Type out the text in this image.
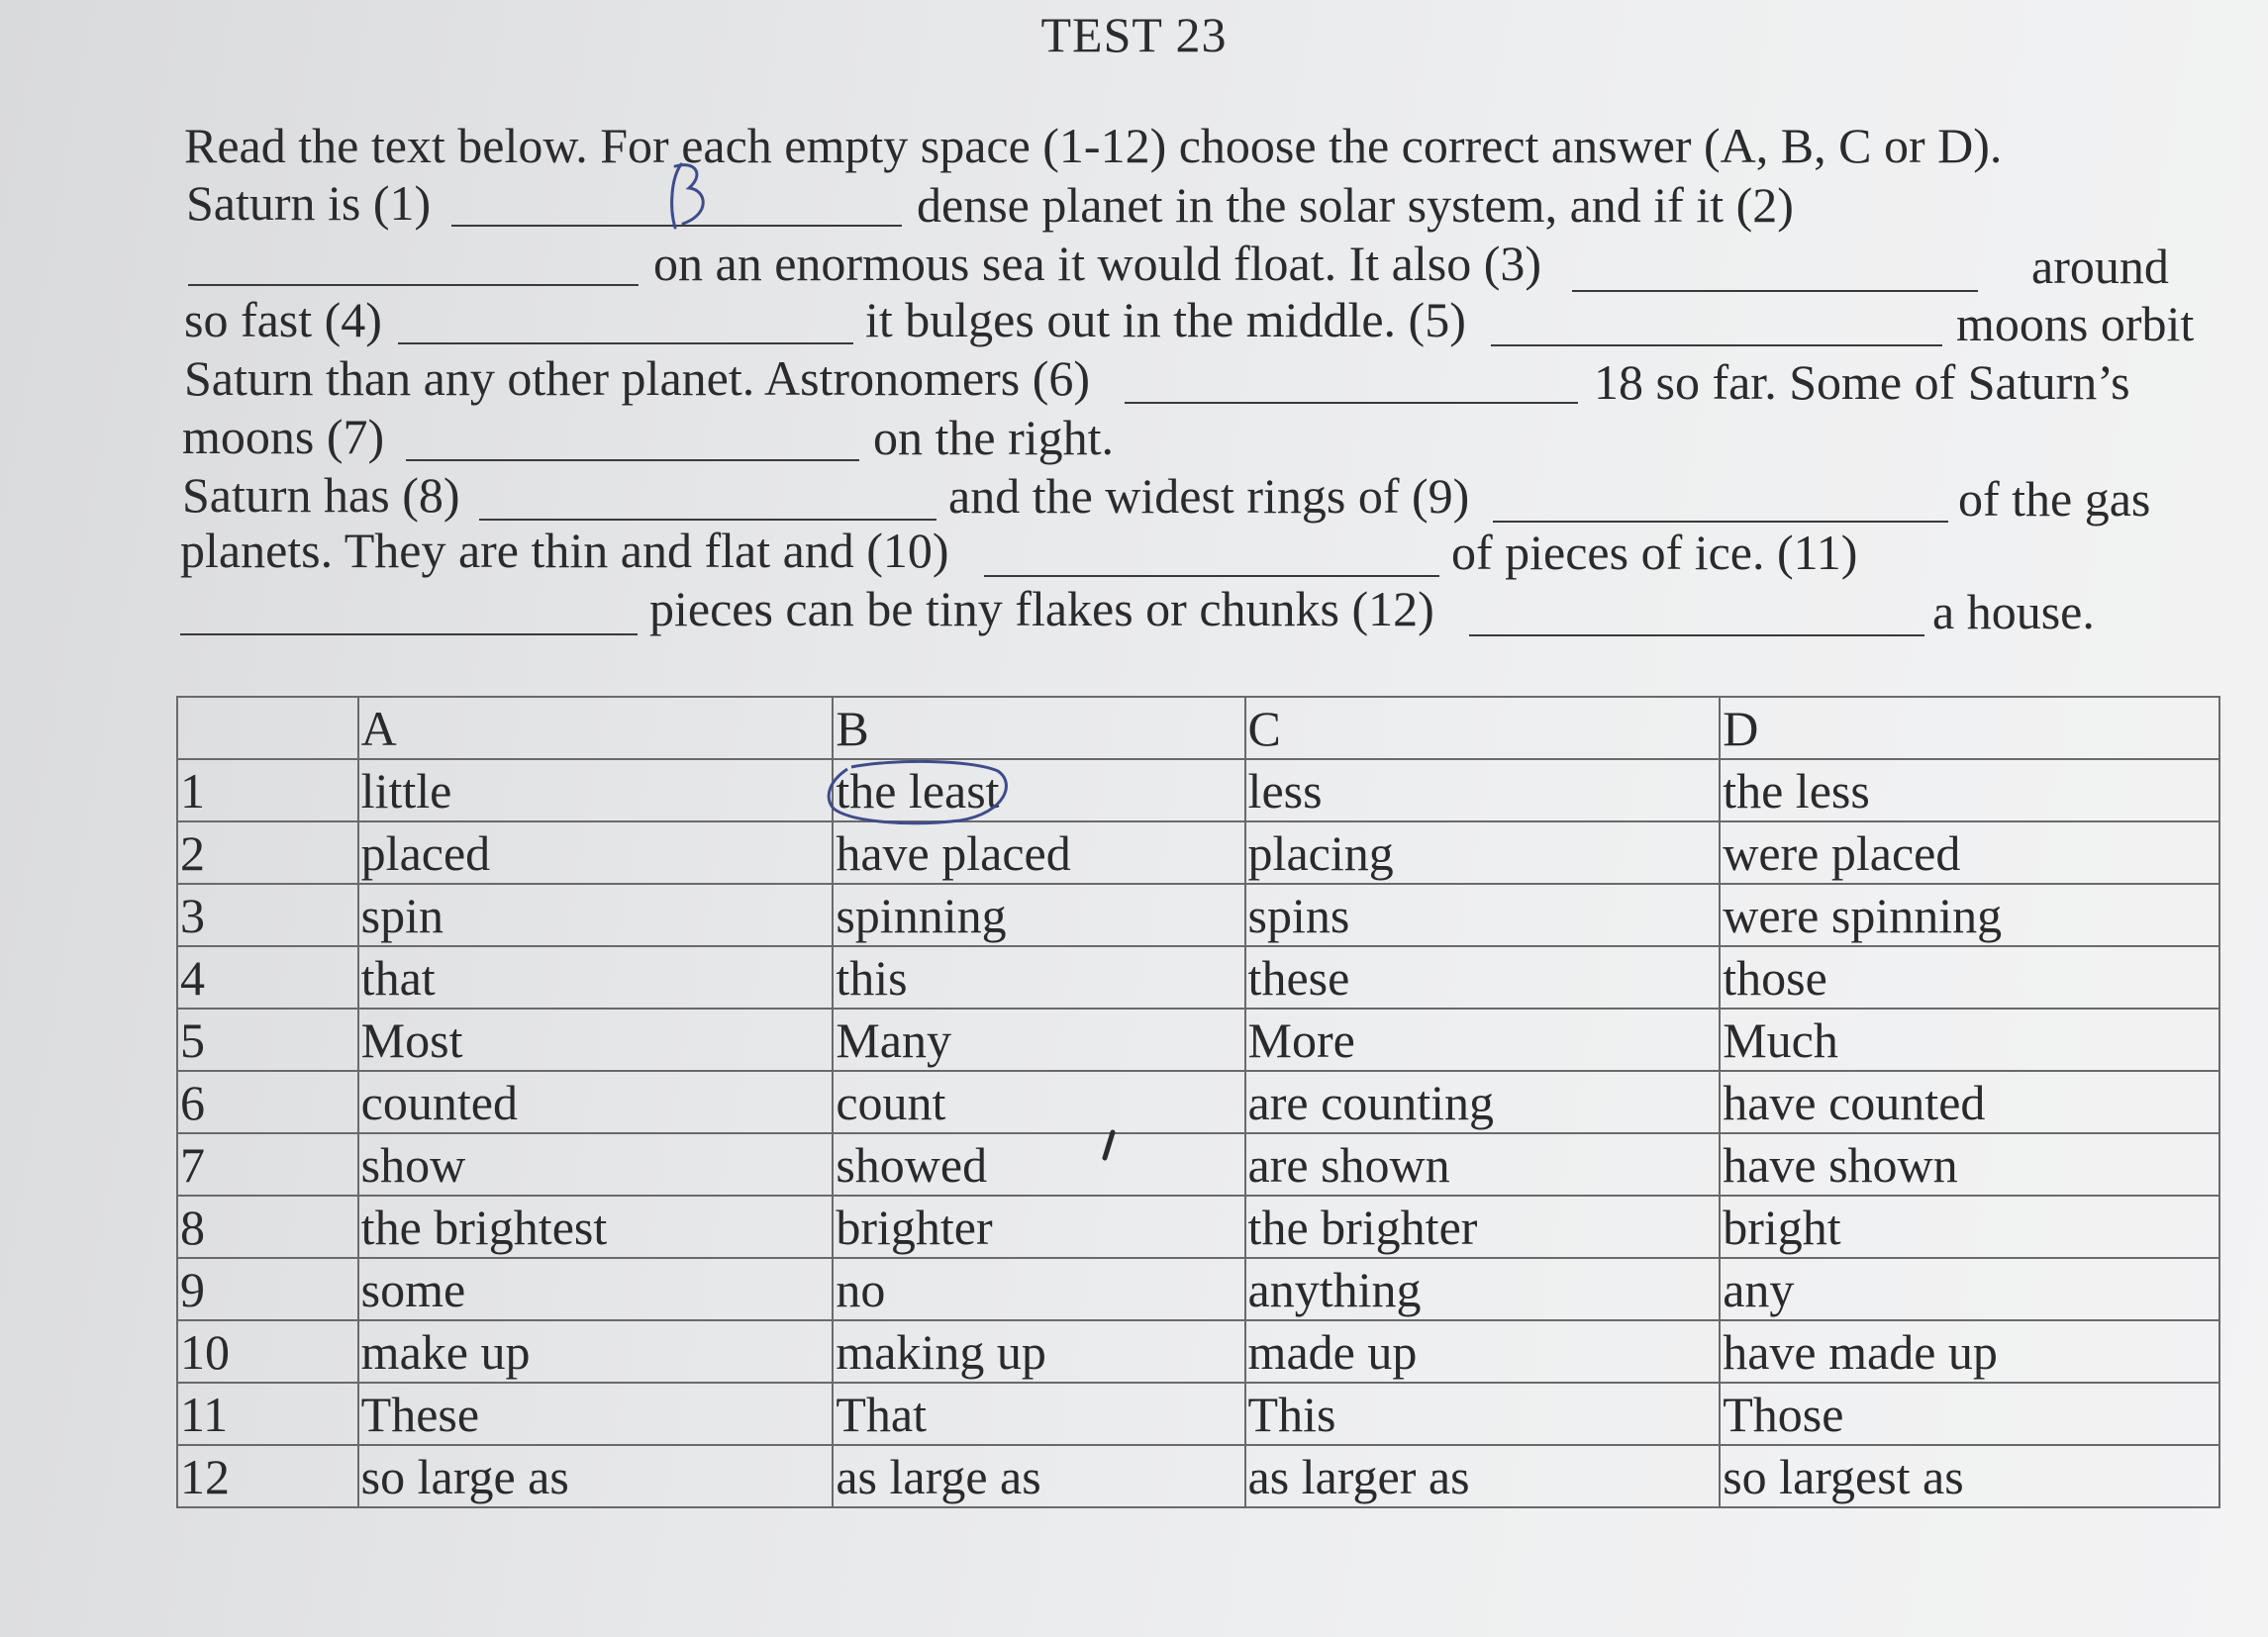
TEST 23
Read the text below. For each empty space (1-12) choose the correct answer (A, B, C or D).
Saturn is (1)	dense planet in the solar system, and if it (2)
on an enormous sea it would float. It also (3)	around
so fast (4)	it bulges out in the middle. (5)	moons orbit
Saturn than any other planet. Astronomers (6)	18 so far. Some of Saturn’s
moons (7)	on the right.
Saturn has (8)	and the widest rings of (9)	of the gas
planets. They are thin and flat and (10)	of pieces of ice. (11)
pieces can be tiny flakes or chunks (12)	a house.
	A	B	C	D
1	little	the least	less	the less
2	placed	have placed	placing	were placed
3	spin	spinning	spins	were spinning
4	that	this	these	those
5	Most	Many	More	Much
6	counted	count	are counting	have counted
7	show	showed	are shown	have shown
8	the brightest	brighter	the brighter	bright
9	some	no	anything	any
10	make up	making up	made up	have made up
11	These	That	This	Those
12	so large as	as large as	as larger as	so largest as
